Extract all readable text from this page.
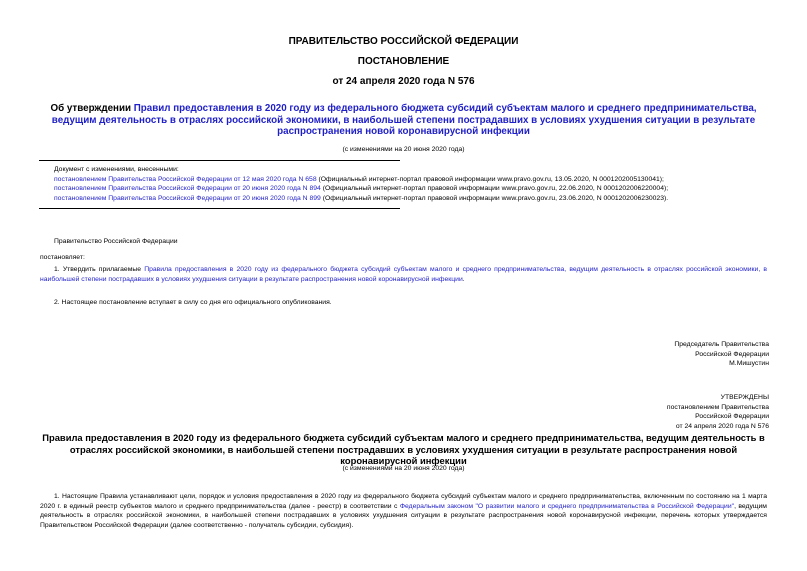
ПРАВИТЕЛЬСТВО РОССИЙСКОЙ ФЕДЕРАЦИИ
ПОСТАНОВЛЕНИЕ
от 24 апреля 2020 года N 576
Об утверждении Правил предоставления в 2020 году из федерального бюджета субсидий субъектам малого и среднего предпринимательства, ведущим деятельность в отраслях российской экономики, в наибольшей степени пострадавших в условиях ухудшения ситуации в результате распространения новой коронавирусной инфекции
(с изменениями на 20 июня 2020 года)
Документ с изменениями, внесенными:
постановлением Правительства Российской Федерации от 12 мая 2020 года N 658 (Официальный интернет-портал правовой информации www.pravo.gov.ru, 13.05.2020, N 0001202005130041);
постановлением Правительства Российской Федерации от 20 июня 2020 года N 894 (Официальный интернет-портал правовой информации www.pravo.gov.ru, 22.06.2020, N 0001202006220004);
постановлением Правительства Российской Федерации от 20 июня 2020 года N 899 (Официальный интернет-портал правовой информации www.pravo.gov.ru, 23.06.2020, N 0001202006230023).
Правительство Российской Федерации
постановляет:
1. Утвердить прилагаемые Правила предоставления в 2020 году из федерального бюджета субсидий субъектам малого и среднего предпринимательства, ведущим деятельность в отраслях российской экономики, в наибольшей степени пострадавших в условиях ухудшения ситуации в результате распространения новой коронавирусной инфекции.
2. Настоящее постановление вступает в силу со дня его официального опубликования.
Председатель Правительства
Российской Федерации
М.Мишустин
УТВЕРЖДЕНЫ
постановлением Правительства
Российской Федерации
от 24 апреля 2020 года N 576
Правила предоставления в 2020 году из федерального бюджета субсидий субъектам малого и среднего предпринимательства, ведущим деятельность в отраслях российской экономики, в наибольшей степени пострадавших в условиях ухудшения ситуации в результате распространения новой коронавирусной инфекции
(с изменениями на 20 июня 2020 года)
1. Настоящие Правила устанавливают цели, порядок и условия предоставления в 2020 году из федерального бюджета субсидий субъектам малого и среднего предпринимательства, включенным по состоянию на 1 марта 2020 г. в единый реестр субъектов малого и среднего предпринимательства (далее - реестр) в соответствии с Федеральным законом "О развитии малого и среднего предпринимательства в Российской Федерации", ведущим деятельность в отраслях российской экономики, в наибольшей степени пострадавших в условиях ухудшения ситуации в результате распространения новой коронавирусной инфекции, перечень которых утверждается Правительством Российской Федерации (далее соответственно - получатель субсидии, субсидия).
